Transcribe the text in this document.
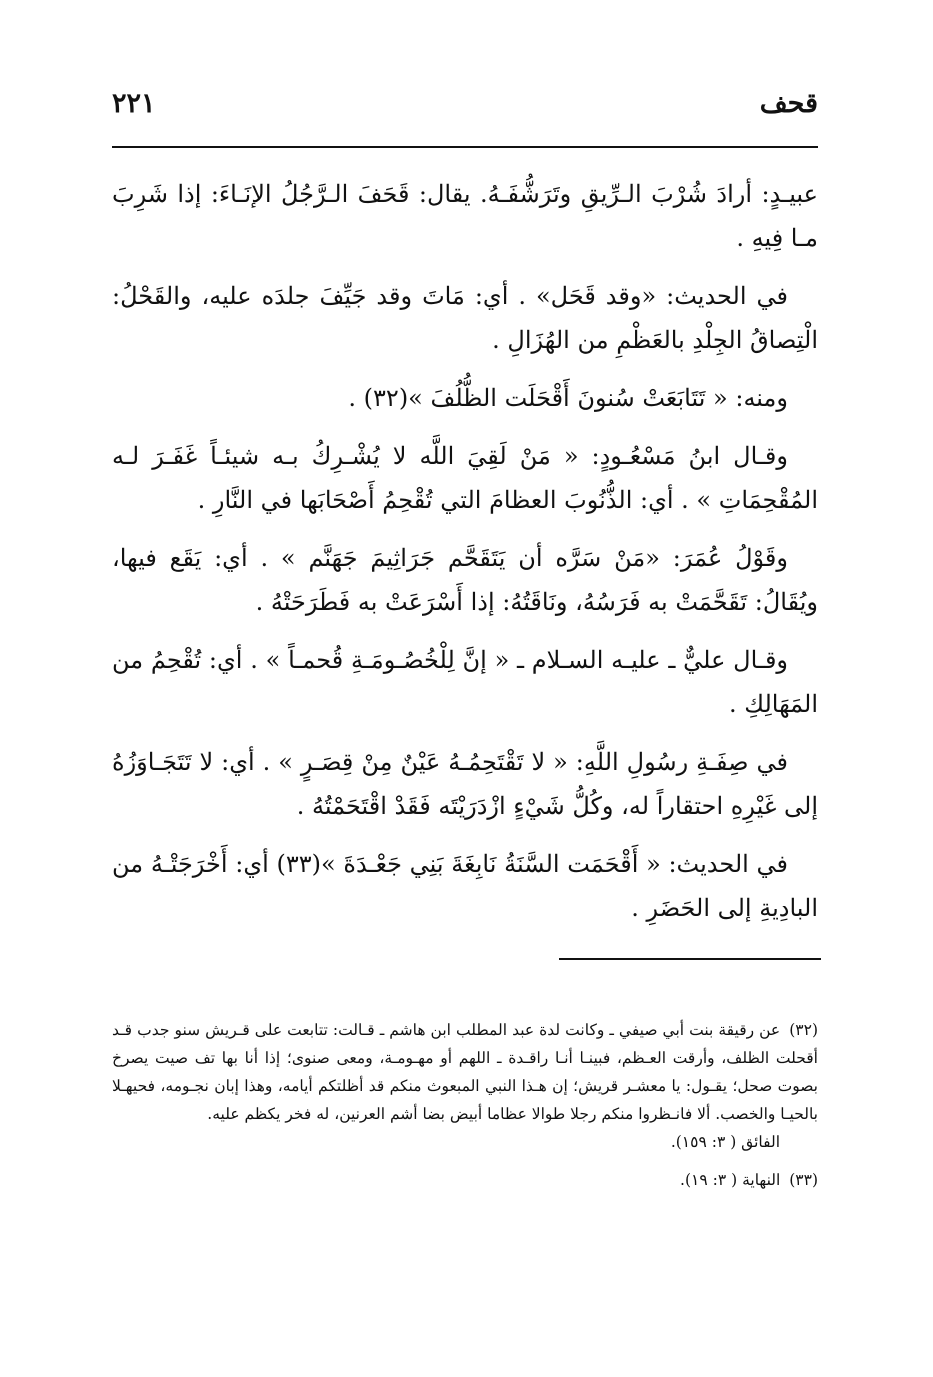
قحف
٢٢١

عبيـدٍ: أرادَ شُرْبَ الـرِّيقِ وتَرَشُّفَـهُ. يقال: قَحَفَ الـرَّجُلُ الإنَـاءَ: إذا شَرِبَ مـا فِيهِ .

في الحديث: «وقد قَحَل» . أي: مَاتَ وقد جَيِّفَ جلدَه عليه، والقَحْلُ: الْتِصاقُ الجِلْدِ بالعَظْمِ من الهُزَالِ .

ومنه: « تَتَابَعَتْ سُنونَ أَقْحَلَت الظُّلُفَ »(٣٢) .

وقـال ابنُ مَسْعُـودٍ: « مَنْ لَقِيَ اللَّه لا يُشْـرِكُ بـه شيئـاً غَفَـرَ لـه المُقْحِمَاتِ » . أي: الذُّنُوبَ العظامَ التي تُقْحِمُ أَصْحَابَها في النَّارِ .

وقَوْلُ عُمَرَ: «مَنْ سَرَّه أن يَتَقَحَّم جَرَاثِيمَ جَهَنَّم » . أي: يَقَع فيها، ويُقَالُ: تَقَحَّمَتْ به فَرَسُهُ، ونَاقَتُهُ: إذا أَسْرَعَتْ به فَطَرَحَتْهُ .

وقـال عليٌّ ـ عليـه السـلام ـ « إنَّ لِلْخُصُـومَـةِ قُحمـاً » . أي: تُقْحِمُ من المَهَالِكِ .

في صِفَـةِ رسُولِ اللَّهِ: « لا تَقْتَحِمُـهُ عَيْنٌ مِنْ قِصَـرٍ » . أي: لا تَتَجَـاوَزُهُ إلى غَيْرِهِ احتقاراً له، وكُلُّ شَيْءٍ ازْدَرَيْتَه فَقَدْ اقْتَحَمْتُهُ .

في الحديث: « أَقْحَمَت السَّنَةُ نَابِغَةَ بَنِي جَعْـدَةَ »(٣٣) أي: أَخْرَجَتْـهُ من البادِيةِ إلى الحَضَرِ .

(٣٢) عن رقيقة بنت أبي صيفي ـ وكانت لدة عبد المطلب ابن هاشم ـ قـالت: تتابعت على قـريش سنو جدب قـد أقحلت الظلف، وأرقت العـظم، فبينـا أنـا راقـدة ـ اللهم أو مهـومـة، ومعى صنوى؛ إذا أنا بها تف صيت يصرخ بصوت صحل؛ يقـول: يا معشـر قريش؛ إن هـذا النبي المبعوث منكم قد أظلتكم أيامه، وهذا إبان نجـومه، فحيهـلا بالحيـا والخصب. ألا فانـظروا منكم رجلا طوالا عظاما أبيض بضا أشم العرنين، له فخر يكظم عليه.
الفائق ( ٣: ١٥٩).

(٣٣) النهاية ( ٣: ١٩).
